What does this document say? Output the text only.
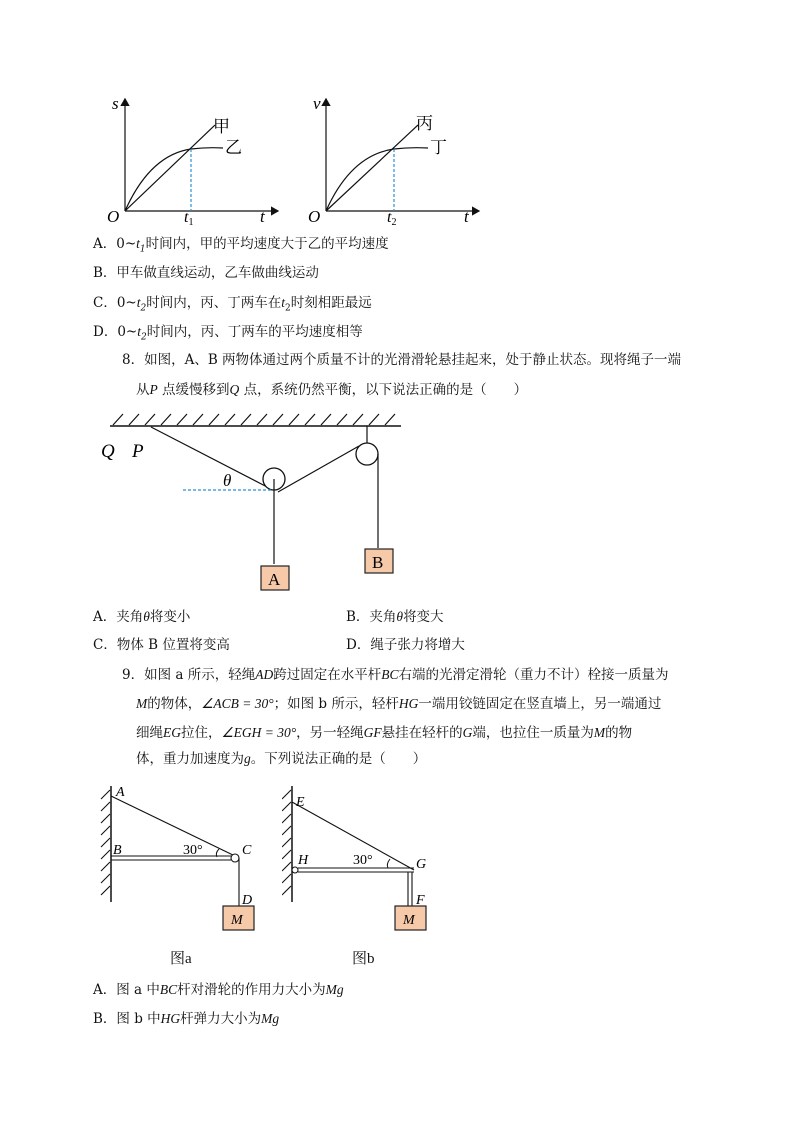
s
甲
乙
O	t
t1
v
丙
丁
O	t
t2
A．$0\sim t_1$时间内，甲的平均速度大于乙的平均速度
B．甲车做直线运动，乙车做曲线运动
C．$0\sim t_2$时间内，丙、丁两车在$t_2$时刻相距最远
D．$0\sim t_2$时间内，丙、丁两车的平均速度相等
8．如图，A、B 两物体通过两个质量不计的光滑滑轮悬挂起来，处于静止状态。现将绳子一端
从P 点缓慢移到Q 点，系统仍然平衡，以下说法正确的是（　　）
A
B
Q P
θ
A．夹角θ将变小	B．夹角θ将变大
C．物体 B 位置将变高	D．绳子张力将增大
9．如图 a 所示，轻绳AD跨过固定在水平杆BC右端的光滑定滑轮（重力不计）栓接一质量为
M的物体，∠ACB = 30°；如图 b 所示，轻杆HG一端用铰链固定在竖直墙上，另一端通过
细绳EG拉住，∠EGH = 30°，另一轻绳GF悬挂在轻杆的G端，也拉住一质量为M的物
体，重力加速度为g。下列说法正确的是（　　）
A
B	C
D
30°
M
图a
E
H	G
F
30°
M
图b
A．图 a 中BC杆对滑轮的作用力大小为Mg
B．图 b 中HG杆弹力大小为Mg
